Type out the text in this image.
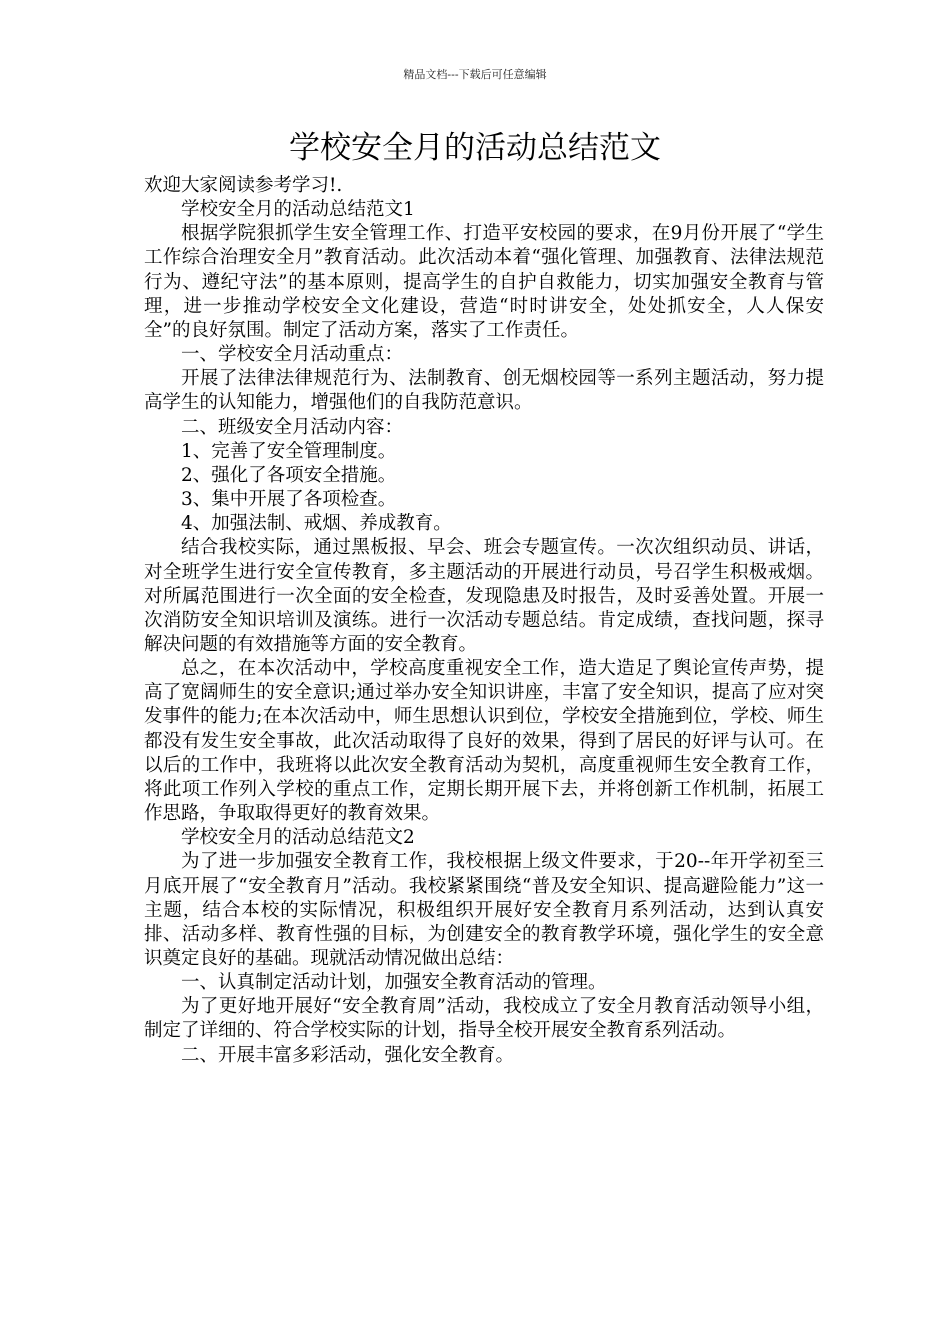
精品文档---下载后可任意编辑
学校安全月的活动总结范文

欢迎大家阅读参考学习!.

学校安全月的活动总结范文1

根据学院狠抓学生安全管理工作、打造平安校园的要求，在9月份开展了“学生工作综合治理安全月”教育活动。此次活动本着“强化管理、加强教育、法律法规范行为、遵纪守法”的基本原则，提高学生的自护自救能力，切实加强安全教育与管理，进一步推动学校安全文化建设，营造“时时讲安全，处处抓安全，人人保安全”的良好氛围。制定了活动方案，落实了工作责任。

一、学校安全月活动重点：

开展了法律法律规范行为、法制教育、创无烟校园等一系列主题活动，努力提高学生的认知能力，增强他们的自我防范意识。

二、班级安全月活动内容：

1、完善了安全管理制度。

2、强化了各项安全措施。

3、集中开展了各项检查。

4、加强法制、戒烟、养成教育。

结合我校实际，通过黑板报、早会、班会专题宣传。一次次组织动员、讲话，对全班学生进行安全宣传教育，多主题活动的开展进行动员，号召学生积极戒烟。对所属范围进行一次全面的安全检查，发现隐患及时报告，及时妥善处置。开展一次消防安全知识培训及演练。进行一次活动专题总结。肯定成绩，查找问题，探寻解决问题的有效措施等方面的安全教育。

总之，在本次活动中，学校高度重视安全工作，造大造足了舆论宣传声势，提高了宽阔师生的安全意识;通过举办安全知识讲座，丰富了安全知识，提高了应对突发事件的能力;在本次活动中，师生思想认识到位，学校安全措施到位，学校、师生都没有发生安全事故，此次活动取得了良好的效果，得到了居民的好评与认可。在以后的工作中，我班将以此次安全教育活动为契机，高度重视师生安全教育工作，将此项工作列入学校的重点工作，定期长期开展下去，并将创新工作机制，拓展工作思路，争取取得更好的教育效果。

学校安全月的活动总结范文2

为了进一步加强安全教育工作，我校根据上级文件要求，于20--年开学初至三月底开展了“安全教育月”活动。我校紧紧围绕“普及安全知识、提高避险能力”这一主题，结合本校的实际情况，积极组织开展好安全教育月系列活动，达到认真安排、活动多样、教育性强的目标，为创建安全的教育教学环境，强化学生的安全意识奠定良好的基础。现就活动情况做出总结：

一、认真制定活动计划，加强安全教育活动的管理。

为了更好地开展好“安全教育周”活动，我校成立了安全月教育活动领导小组，制定了详细的、符合学校实际的计划，指导全校开展安全教育系列活动。

二、开展丰富多彩活动，强化安全教育。
